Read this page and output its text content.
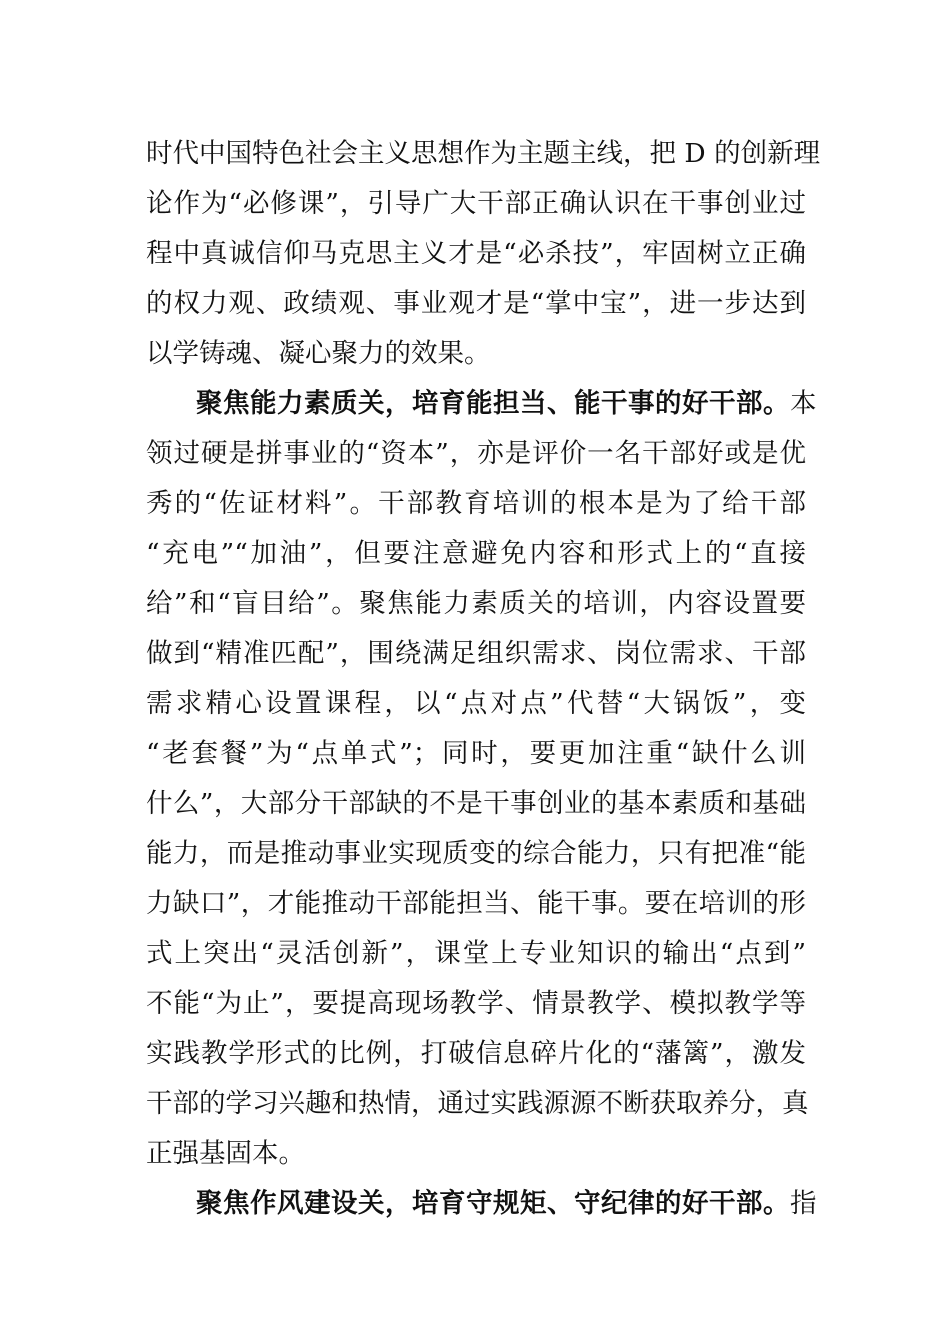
时代中国特色社会主义思想作为主题主线，把 D 的创新理
论作为“必修课”，引导广大干部正确认识在干事创业过
程中真诚信仰马克思主义才是“必杀技”，牢固树立正确
的权力观、政绩观、事业观才是“掌中宝”，进一步达到
以学铸魂、凝心聚力的效果。
聚焦能力素质关，培育能担当、能干事的好干部。本
领过硬是拼事业的“资本”，亦是评价一名干部好或是优
秀的“佐证材料”。干部教育培训的根本是为了给干部
“充电”“加油”，但要注意避免内容和形式上的“直接
给”和“盲目给”。聚焦能力素质关的培训，内容设置要
做到“精准匹配”，围绕满足组织需求、岗位需求、干部
需求精心设置课程，以“点对点”代替“大锅饭”，变
“老套餐”为“点单式”；同时，要更加注重“缺什么训
什么”，大部分干部缺的不是干事创业的基本素质和基础
能力，而是推动事业实现质变的综合能力，只有把准“能
力缺口”，才能推动干部能担当、能干事。要在培训的形
式上突出“灵活创新”，课堂上专业知识的输出“点到”
不能“为止”，要提高现场教学、情景教学、模拟教学等
实践教学形式的比例，打破信息碎片化的“藩篱”，激发
干部的学习兴趣和热情，通过实践源源不断获取养分，真
正强基固本。
聚焦作风建设关，培育守规矩、守纪律的好干部。指
